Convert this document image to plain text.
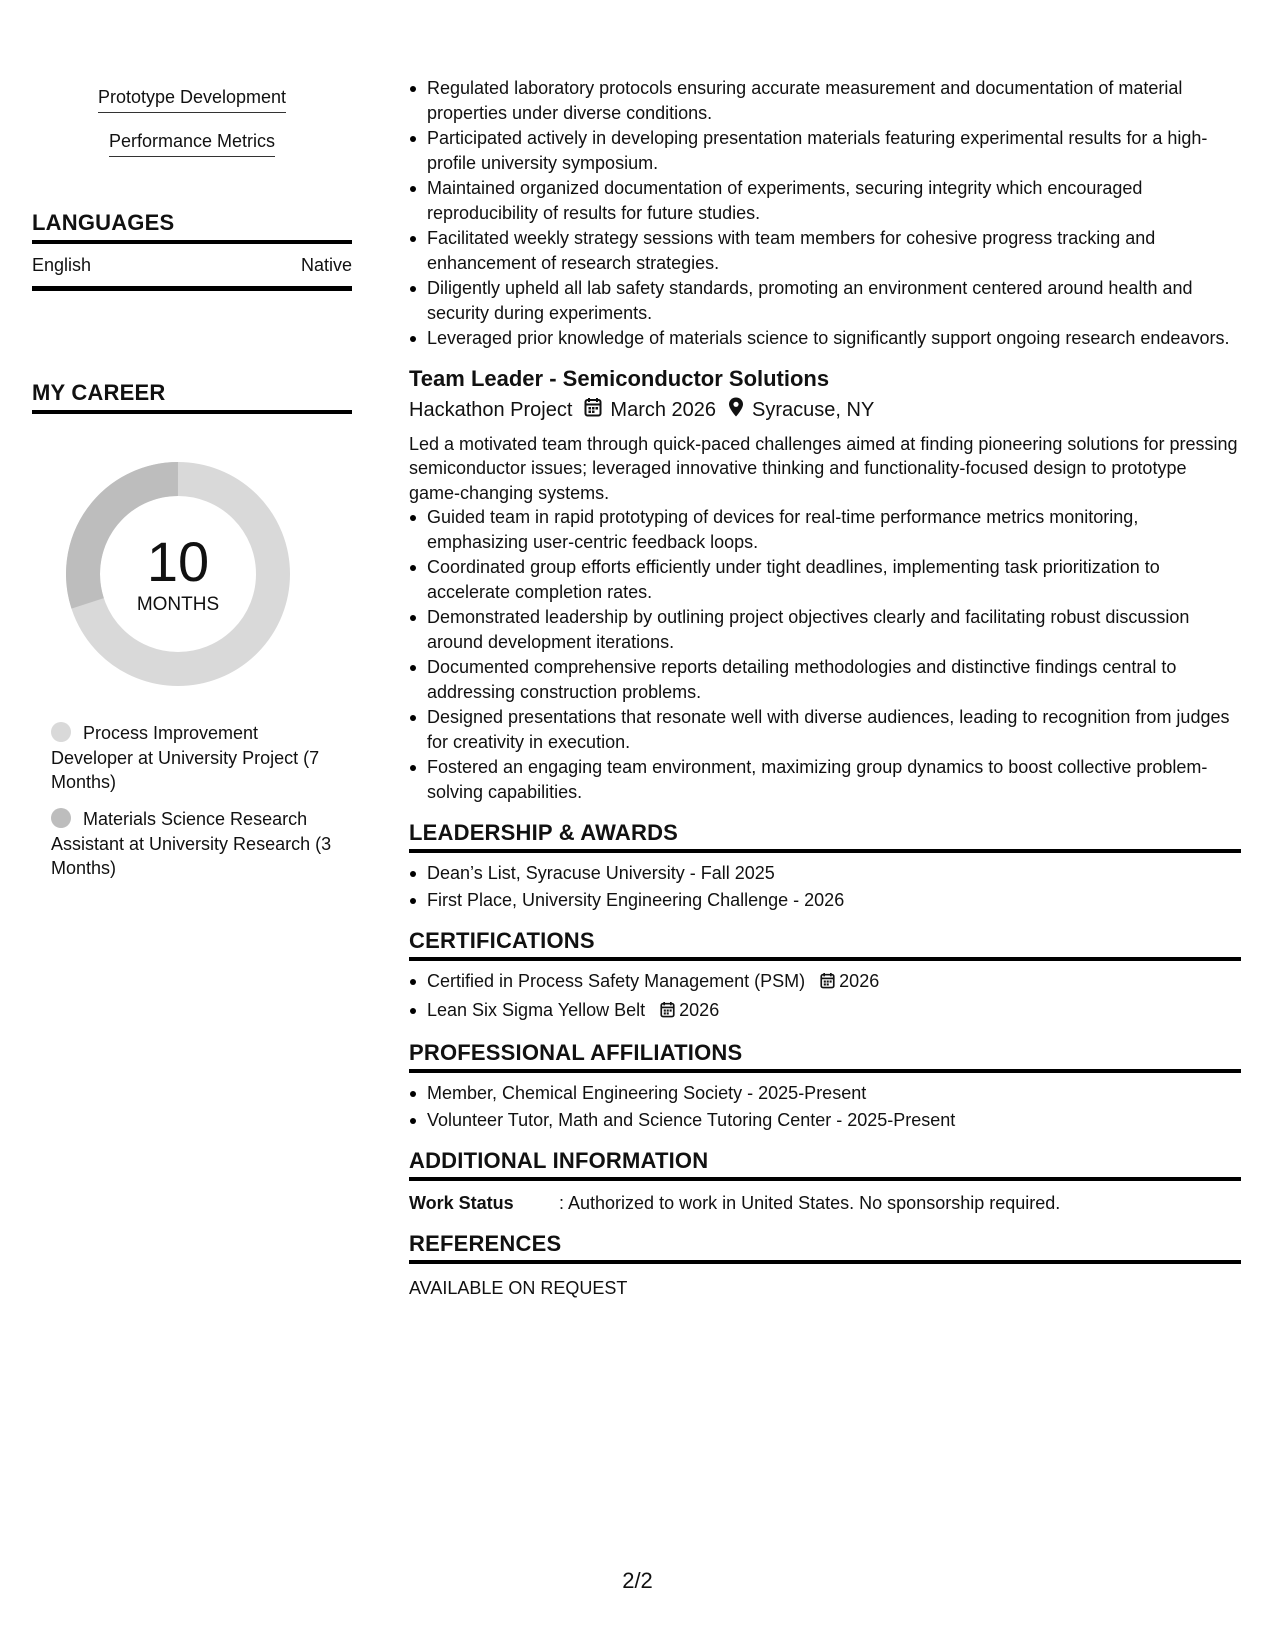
Prototype Development
Performance Metrics
LANGUAGES
English	Native
MY CAREER
10
MONTHS
Process Improvement Developer at University Project (7 Months)
Materials Science Research Assistant at University Research (3 Months)
Regulated laboratory protocols ensuring accurate measurement and documentation of material properties under diverse conditions.
Participated actively in developing presentation materials featuring experimental results for a high-profile university symposium.
Maintained organized documentation of experiments, securing integrity which encouraged reproducibility of results for future studies.
Facilitated weekly strategy sessions with team members for cohesive progress tracking and enhancement of research strategies.
Diligently upheld all lab safety standards, promoting an environment centered around health and security during experiments.
Leveraged prior knowledge of materials science to significantly support ongoing research endeavors.
Team Leader - Semiconductor Solutions
Hackathon Project March 2026 Syracuse, NY
Led a motivated team through quick-paced challenges aimed at finding pioneering solutions for pressing semiconductor issues; leveraged innovative thinking and functionality-focused design to prototype game-changing systems.
Guided team in rapid prototyping of devices for real-time performance metrics monitoring, emphasizing user-centric feedback loops.
Coordinated group efforts efficiently under tight deadlines, implementing task prioritization to accelerate completion rates.
Demonstrated leadership by outlining project objectives clearly and facilitating robust discussion around development iterations.
Documented comprehensive reports detailing methodologies and distinctive findings central to addressing construction problems.
Designed presentations that resonate well with diverse audiences, leading to recognition from judges for creativity in execution.
Fostered an engaging team environment, maximizing group dynamics to boost collective problem-solving capabilities.
LEADERSHIP & AWARDS
Dean’s List, Syracuse University - Fall 2025
First Place, University Engineering Challenge - 2026
CERTIFICATIONS
Certified in Process Safety Management (PSM) 2026
Lean Six Sigma Yellow Belt 2026
PROFESSIONAL AFFILIATIONS
Member, Chemical Engineering Society - 2025-Present
Volunteer Tutor, Math and Science Tutoring Center - 2025-Present
ADDITIONAL INFORMATION
Work Status	: Authorized to work in United States. No sponsorship required.
REFERENCES
AVAILABLE ON REQUEST
2/2
